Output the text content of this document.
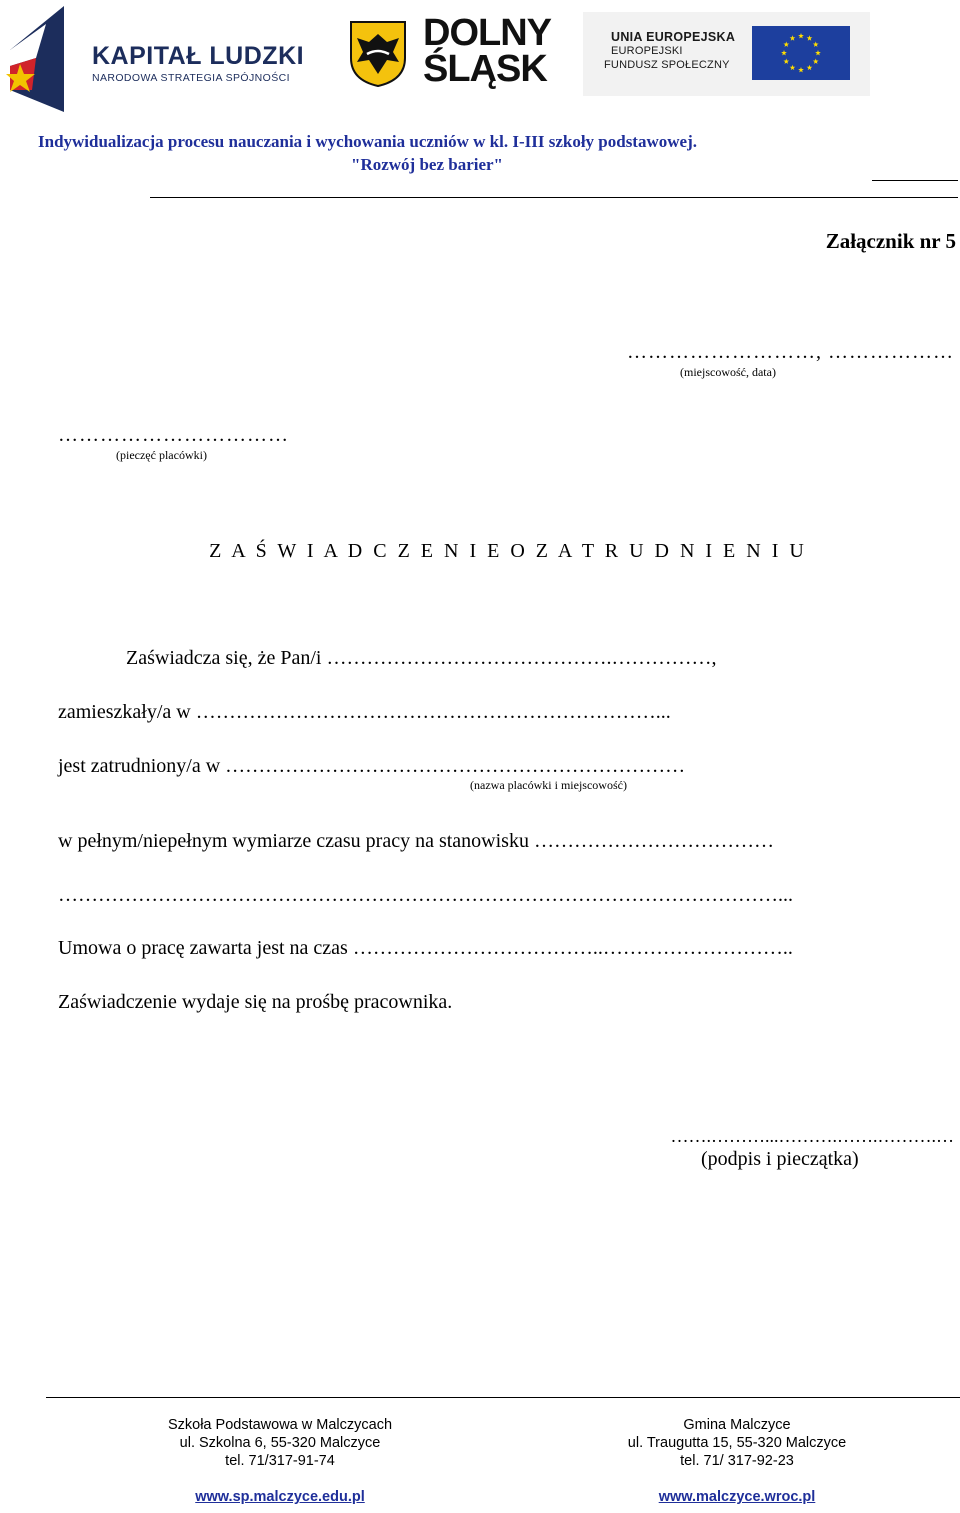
KAPITAŁ LUDZKI
NARODOWA STRATEGIA SPÓJNOŚCI
DOLNY
ŚLĄSK
UNIA EUROPEJSKA
EUROPEJSKI
FUNDUSZ SPOŁECZNY
Indywidualizacja procesu nauczania i wychowania uczniów w kl. I-III szkoły podstawowej.
"Rozwój bez barier"
Załącznik nr 5
………………………, ………………
(miejscowość, data)
……………………………
(pieczęć placówki)
Z A Ś W I A D C Z E N I E O Z A T R U D N I E N I U
Zaświadcza się, że Pan/i …………………………………….……………,
zamieszkały/a w ……………………………………………………………...
jest zatrudniony/a w ……………………………………………………………
(nazwa placówki i miejscowość)
w pełnym/niepełnym wymiarze czasu pracy na stanowisku ………………………………
………………………………………………………………………………………………...
Umowa o pracę zawarta jest na czas ………………………………..………………………..
Zaświadczenie wydaje się na prośbę pracownika.
…….………...……….…….……….…
(podpis i pieczątka)
Szkoła Podstawowa w Malczycach
ul. Szkolna 6, 55-320 Malczyce
tel. 71/317-91-74
www.sp.malczyce.edu.pl
Gmina Malczyce
ul. Traugutta 15, 55-320 Malczyce
tel. 71/ 317-92-23
www.malczyce.wroc.pl
